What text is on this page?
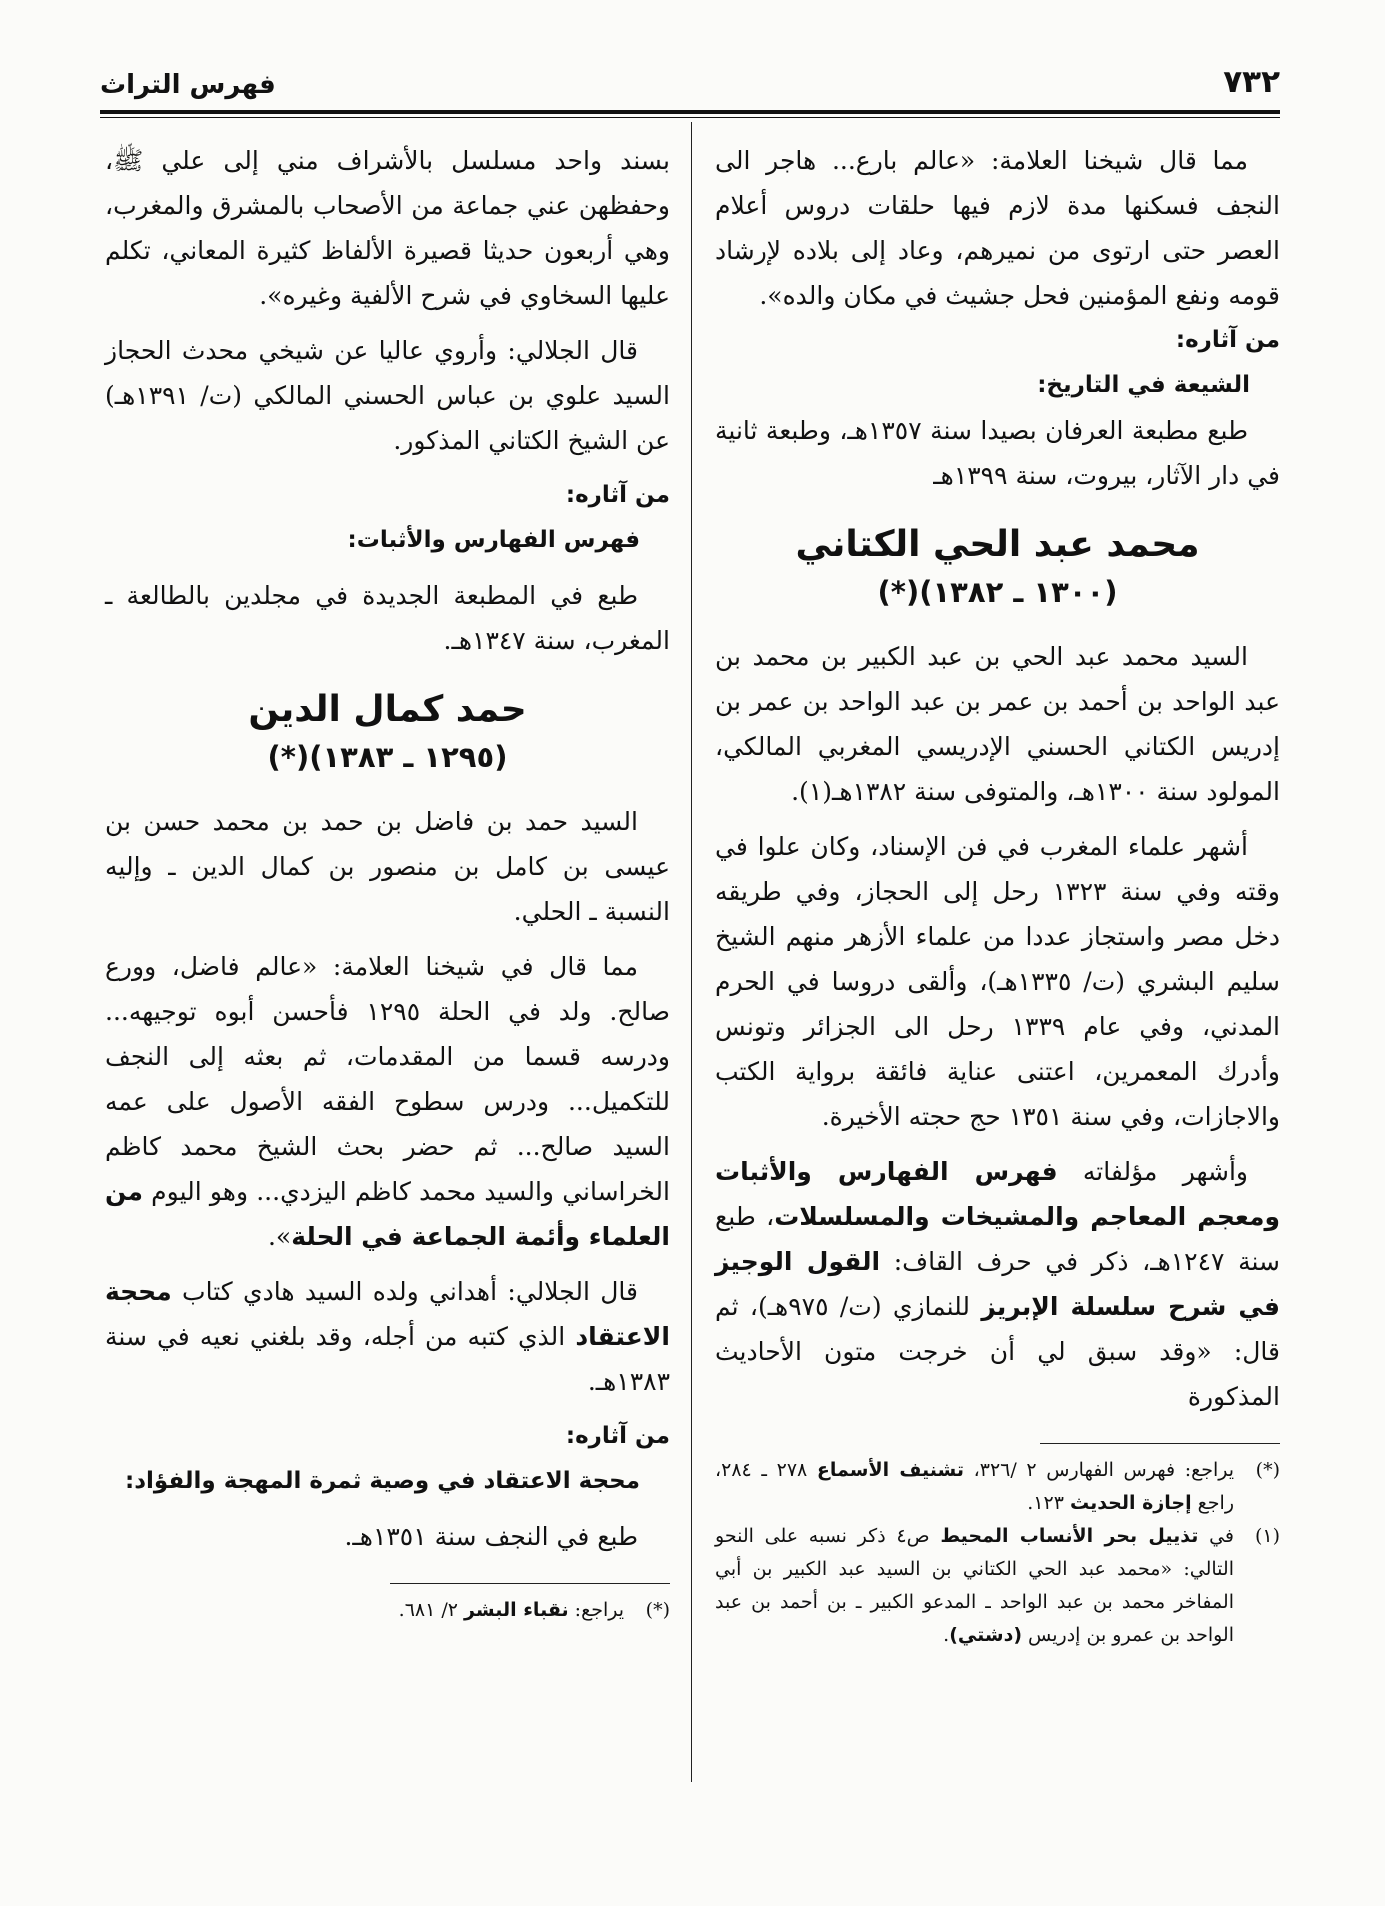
٧٣٢
فهرس التراث

مما قال شيخنا العلامة: «عالم بارع... هاجر الى النجف فسكنها مدة لازم فيها حلقات دروس أعلام العصر حتى ارتوى من نميرهم، وعاد إلى بلاده لإرشاد قومه ونفع المؤمنين فحل جشيث في مكان والده».

من آثاره:
الشيعة في التاريخ:

طبع مطبعة العرفان بصيدا سنة ١٣٥٧هـ، وطبعة ثانية في دار الآثار، بيروت، سنة ١٣٩٩هـ

محمد عبد الحي الكتاني
(١٣٠٠ ـ ١٣٨٢)(*)

السيد محمد عبد الحي بن عبد الكبير بن محمد بن عبد الواحد بن أحمد بن عمر بن عبد الواحد بن عمر بن إدريس الكتاني الحسني الإدريسي المغربي المالكي، المولود سنة ١٣٠٠هـ، والمتوفى سنة ١٣٨٢هـ(١).

أشهر علماء المغرب في فن الإسناد، وكان علوا في وقته وفي سنة ١٣٢٣ رحل إلى الحجاز، وفي طريقه دخل مصر واستجاز عددا من علماء الأزهر منهم الشيخ سليم البشري (ت/ ١٣٣٥هـ)، وألقى دروسا في الحرم المدني، وفي عام ١٣٣٩ رحل الى الجزائر وتونس وأدرك المعمرين، اعتنى عناية فائقة برواية الكتب والاجازات، وفي سنة ١٣٥١ حج حجته الأخيرة.

وأشهر مؤلفاته فهرس الفهارس والأثبات ومعجم المعاجم والمشيخات والمسلسلات، طبع سنة ١٢٤٧هـ، ذكر في حرف القاف: القول الوجيز في شرح سلسلة الإبريز للنمازي (ت/ ٩٧٥هـ)، ثم قال: «وقد سبق لي أن خرجت متون الأحاديث المذكورة

(*)
يراجع: فهرس الفهارس ٢ /٣٢٦، تشنيف الأسماع ٢٧٨ ـ ٢٨٤، راجع إجازة الحديث ١٢٣.
(١)
في تذييل بحر الأنساب المحيط ص٤ ذكر نسبه على النحو التالي: «محمد عبد الحي الكتاني بن السيد عبد الكبير بن أبي المفاخر محمد بن عبد الواحد ـ المدعو الكبير ـ بن أحمد بن عبد الواحد بن عمرو بن إدريس (دشتي).

بسند واحد مسلسل بالأشراف مني إلى علي ﷺ، وحفظهن عني جماعة من الأصحاب بالمشرق والمغرب، وهي أربعون حديثا قصيرة الألفاظ كثيرة المعاني، تكلم عليها السخاوي في شرح الألفية وغيره».

قال الجلالي: وأروي عاليا عن شيخي محدث الحجاز السيد علوي بن عباس الحسني المالكي (ت/ ١٣٩١هـ) عن الشيخ الكتاني المذكور.

من آثاره:
فهرس الفهارس والأثبات:

طبع في المطبعة الجديدة في مجلدين بالطالعة ـ المغرب، سنة ١٣٤٧هـ.

حمد كمال الدين
(١٢٩٥ ـ ١٣٨٣)(*)

السيد حمد بن فاضل بن حمد بن محمد حسن بن عيسى بن كامل بن منصور بن كمال الدين ـ وإليه النسبة ـ الحلي.

مما قال في شيخنا العلامة: «عالم فاضل، وورع صالح. ولد في الحلة ١٢٩٥ فأحسن أبوه توجيهه... ودرسه قسما من المقدمات، ثم بعثه إلى النجف للتكميل... ودرس سطوح الفقه الأصول على عمه السيد صالح... ثم حضر بحث الشيخ محمد كاظم الخراساني والسيد محمد كاظم اليزدي... وهو اليوم من العلماء وأئمة الجماعة في الحلة».

قال الجلالي: أهداني ولده السيد هادي كتاب محجة الاعتقاد الذي كتبه من أجله، وقد بلغني نعيه في سنة ١٣٨٣هـ.

من آثاره:
محجة الاعتقاد في وصية ثمرة المهجة والفؤاد:

طبع في النجف سنة ١٣٥١هـ.

(*)
يراجع: نقباء البشر ٢/ ٦٨١.
